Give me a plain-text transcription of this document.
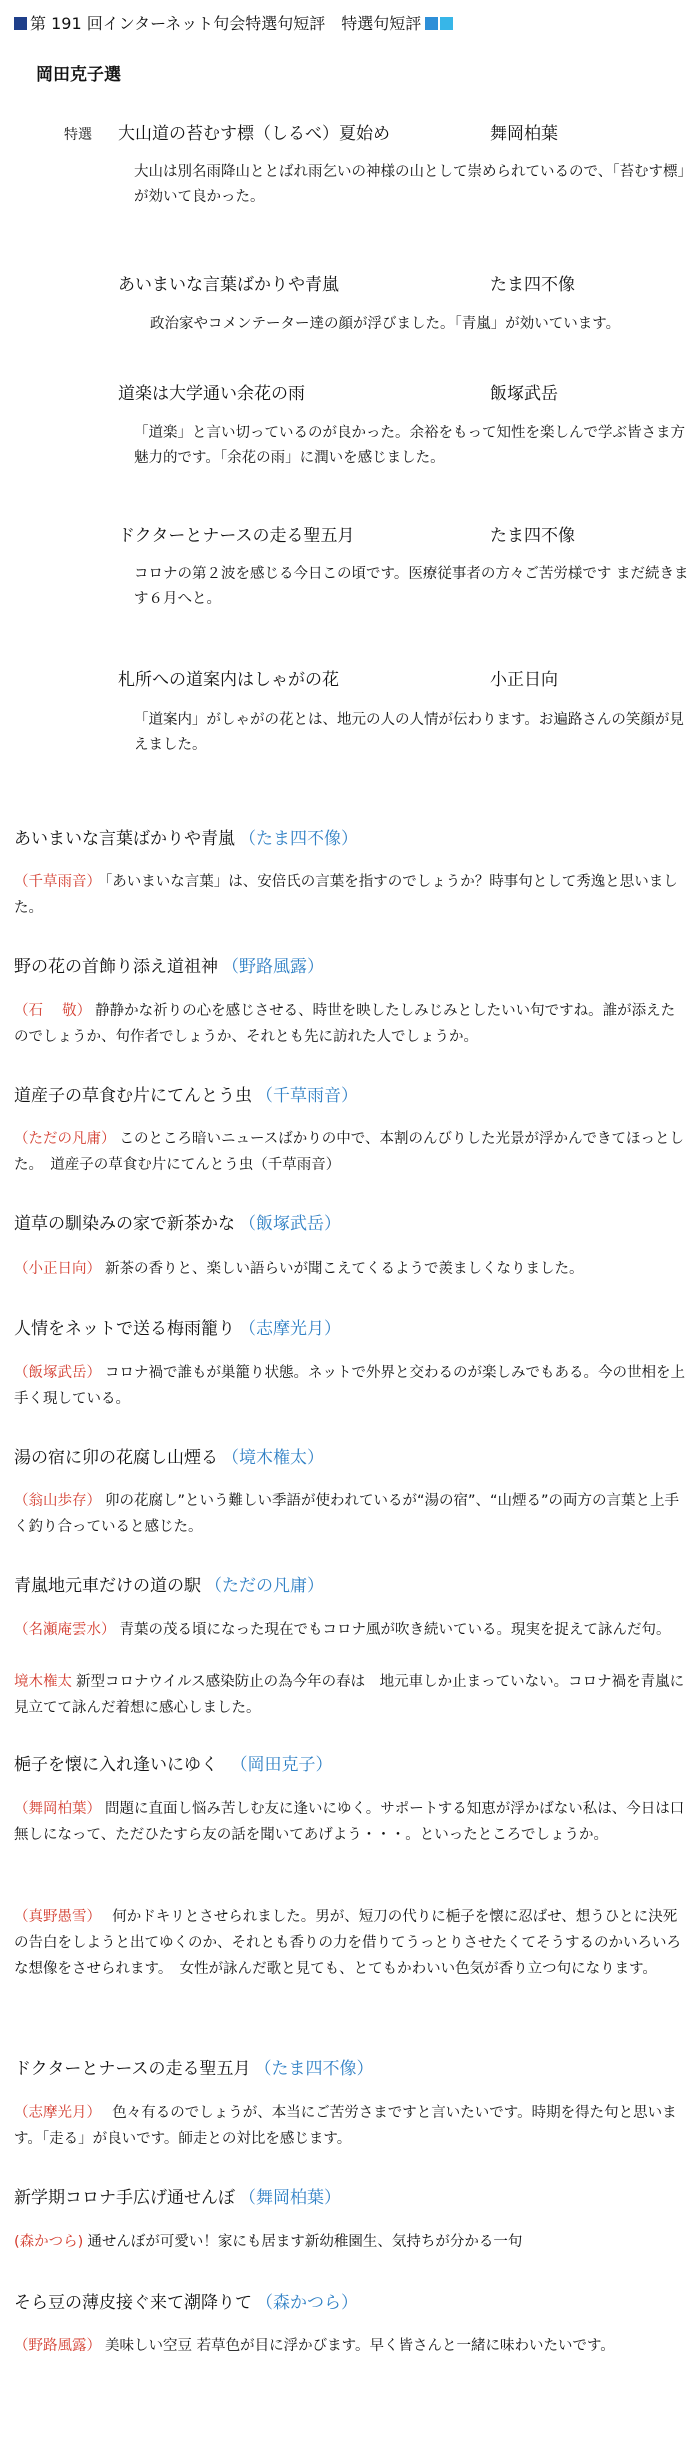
第 191 回インターネット句会特選句短評　特選句短評
岡田克子選
特選 大山道の苔むす標（しるべ）夏始め	舞岡柏葉
大山は別名雨降山ととばれ雨乞いの神様の山として崇められているので、「苔むす標」が効いて良かった。
あいまいな言葉ばかりや青嵐	たま四不像
政治家やコメンテーター達の顔が浮びました。「青嵐」が効いています。
道楽は大学通い余花の雨	飯塚武岳
「道楽」と言い切っているのが良かった。余裕をもって知性を楽しんで学ぶ皆さま方魅力的です。「余花の雨」に潤いを感じました。
ドクターとナースの走る聖五月	たま四不像
コロナの第２波を感じる今日この頃です。医療従事者の方々ご苦労様です まだ続きます６月へと。
札所への道案内はしゃがの花	小正日向
「道案内」がしゃがの花とは、地元の人の人情が伝わります。お遍路さんの笑顔が見えました。
あいまいな言葉ばかりや青嵐 （たま四不像）
（千草雨音） 「あいまいな言葉」は、安倍氏の言葉を指すのでしょうか？時事句として秀逸と思いました。
野の花の首飾り添え道祖神 （野路風露）
（石　 敬） 静静かな祈りの心を感じさせる、時世を映したしみじみとしたいい句ですね。誰が添えたのでしょうか、句作者でしょうか、それとも先に訪れた人でしょうか。
道産子の草食む片にてんとう虫 （千草雨音）
（ただの凡庸） このところ暗いニュースばかりの中で、本割のんびりした光景が浮かんできてほっとした。　道産子の草食む片にてんとう虫（千草雨音）
道草の馴染みの家で新茶かな （飯塚武岳）
（小正日向） 新茶の香りと、楽しい語らいが聞こえてくるようで羨ましくなりました。
人情をネットで送る梅雨籠り （志摩光月）
（飯塚武岳） コロナ禍で誰もが巣籠り状態。ネットで外界と交わるのが楽しみでもある。今の世相を上手く現している。
湯の宿に卯の花腐し山煙る （境木権太）
（翁山歩存） 卯の花腐し”という難しい季語が使われているが“湯の宿”、“山煙る”の両方の言葉と上手く釣り合っていると感じた。
青嵐地元車だけの道の駅 （ただの凡庸）
（名瀬庵雲水） 青葉の茂る頃になった現在でもコロナ風が吹き続いている。現実を捉えて詠んだ句。
境木権太 新型コロナウイルス感染防止の為今年の春は　地元車しか止まっていない。コロナ禍を青嵐に見立てて詠んだ着想に感心しました。
梔子を懐に入れ逢いにゆく　（岡田克子）
（舞岡柏葉） 問題に直面し悩み苦しむ友に逢いにゆく。サポートする知恵が浮かばない私は、今日は口無しになって、ただひたすら友の話を聞いてあげよう・・・。といったところでしょうか。
（真野愚雪）　何かドキリとさせられました。男が、短刀の代りに梔子を懐に忍ばせ、想うひとに決死の告白をしようと出てゆくのか、それとも香りの力を借りてうっとりさせたくてそうするのかいろいろな想像をさせられます。　女性が詠んだ歌と見ても、とてもかわいい色気が香り立つ句になります。
ドクターとナースの走る聖五月 （たま四不像）
（志摩光月）　色々有るのでしょうが、本当にご苦労さまですと言いたいです。時期を得た句と思います。「走る」が良いです。師走との対比を感じます。
新学期コロナ手広げ通せんぼ （舞岡柏葉）
(森かつら) 通せんぼが可愛い！家にも居ます新幼稚園生、気持ちが分かる一句
そら豆の薄皮接ぐ来て潮降りて （森かつら）
（野路風露） 美味しい空豆 若草色が目に浮かびます。早く皆さんと一緒に味わいたいです。
